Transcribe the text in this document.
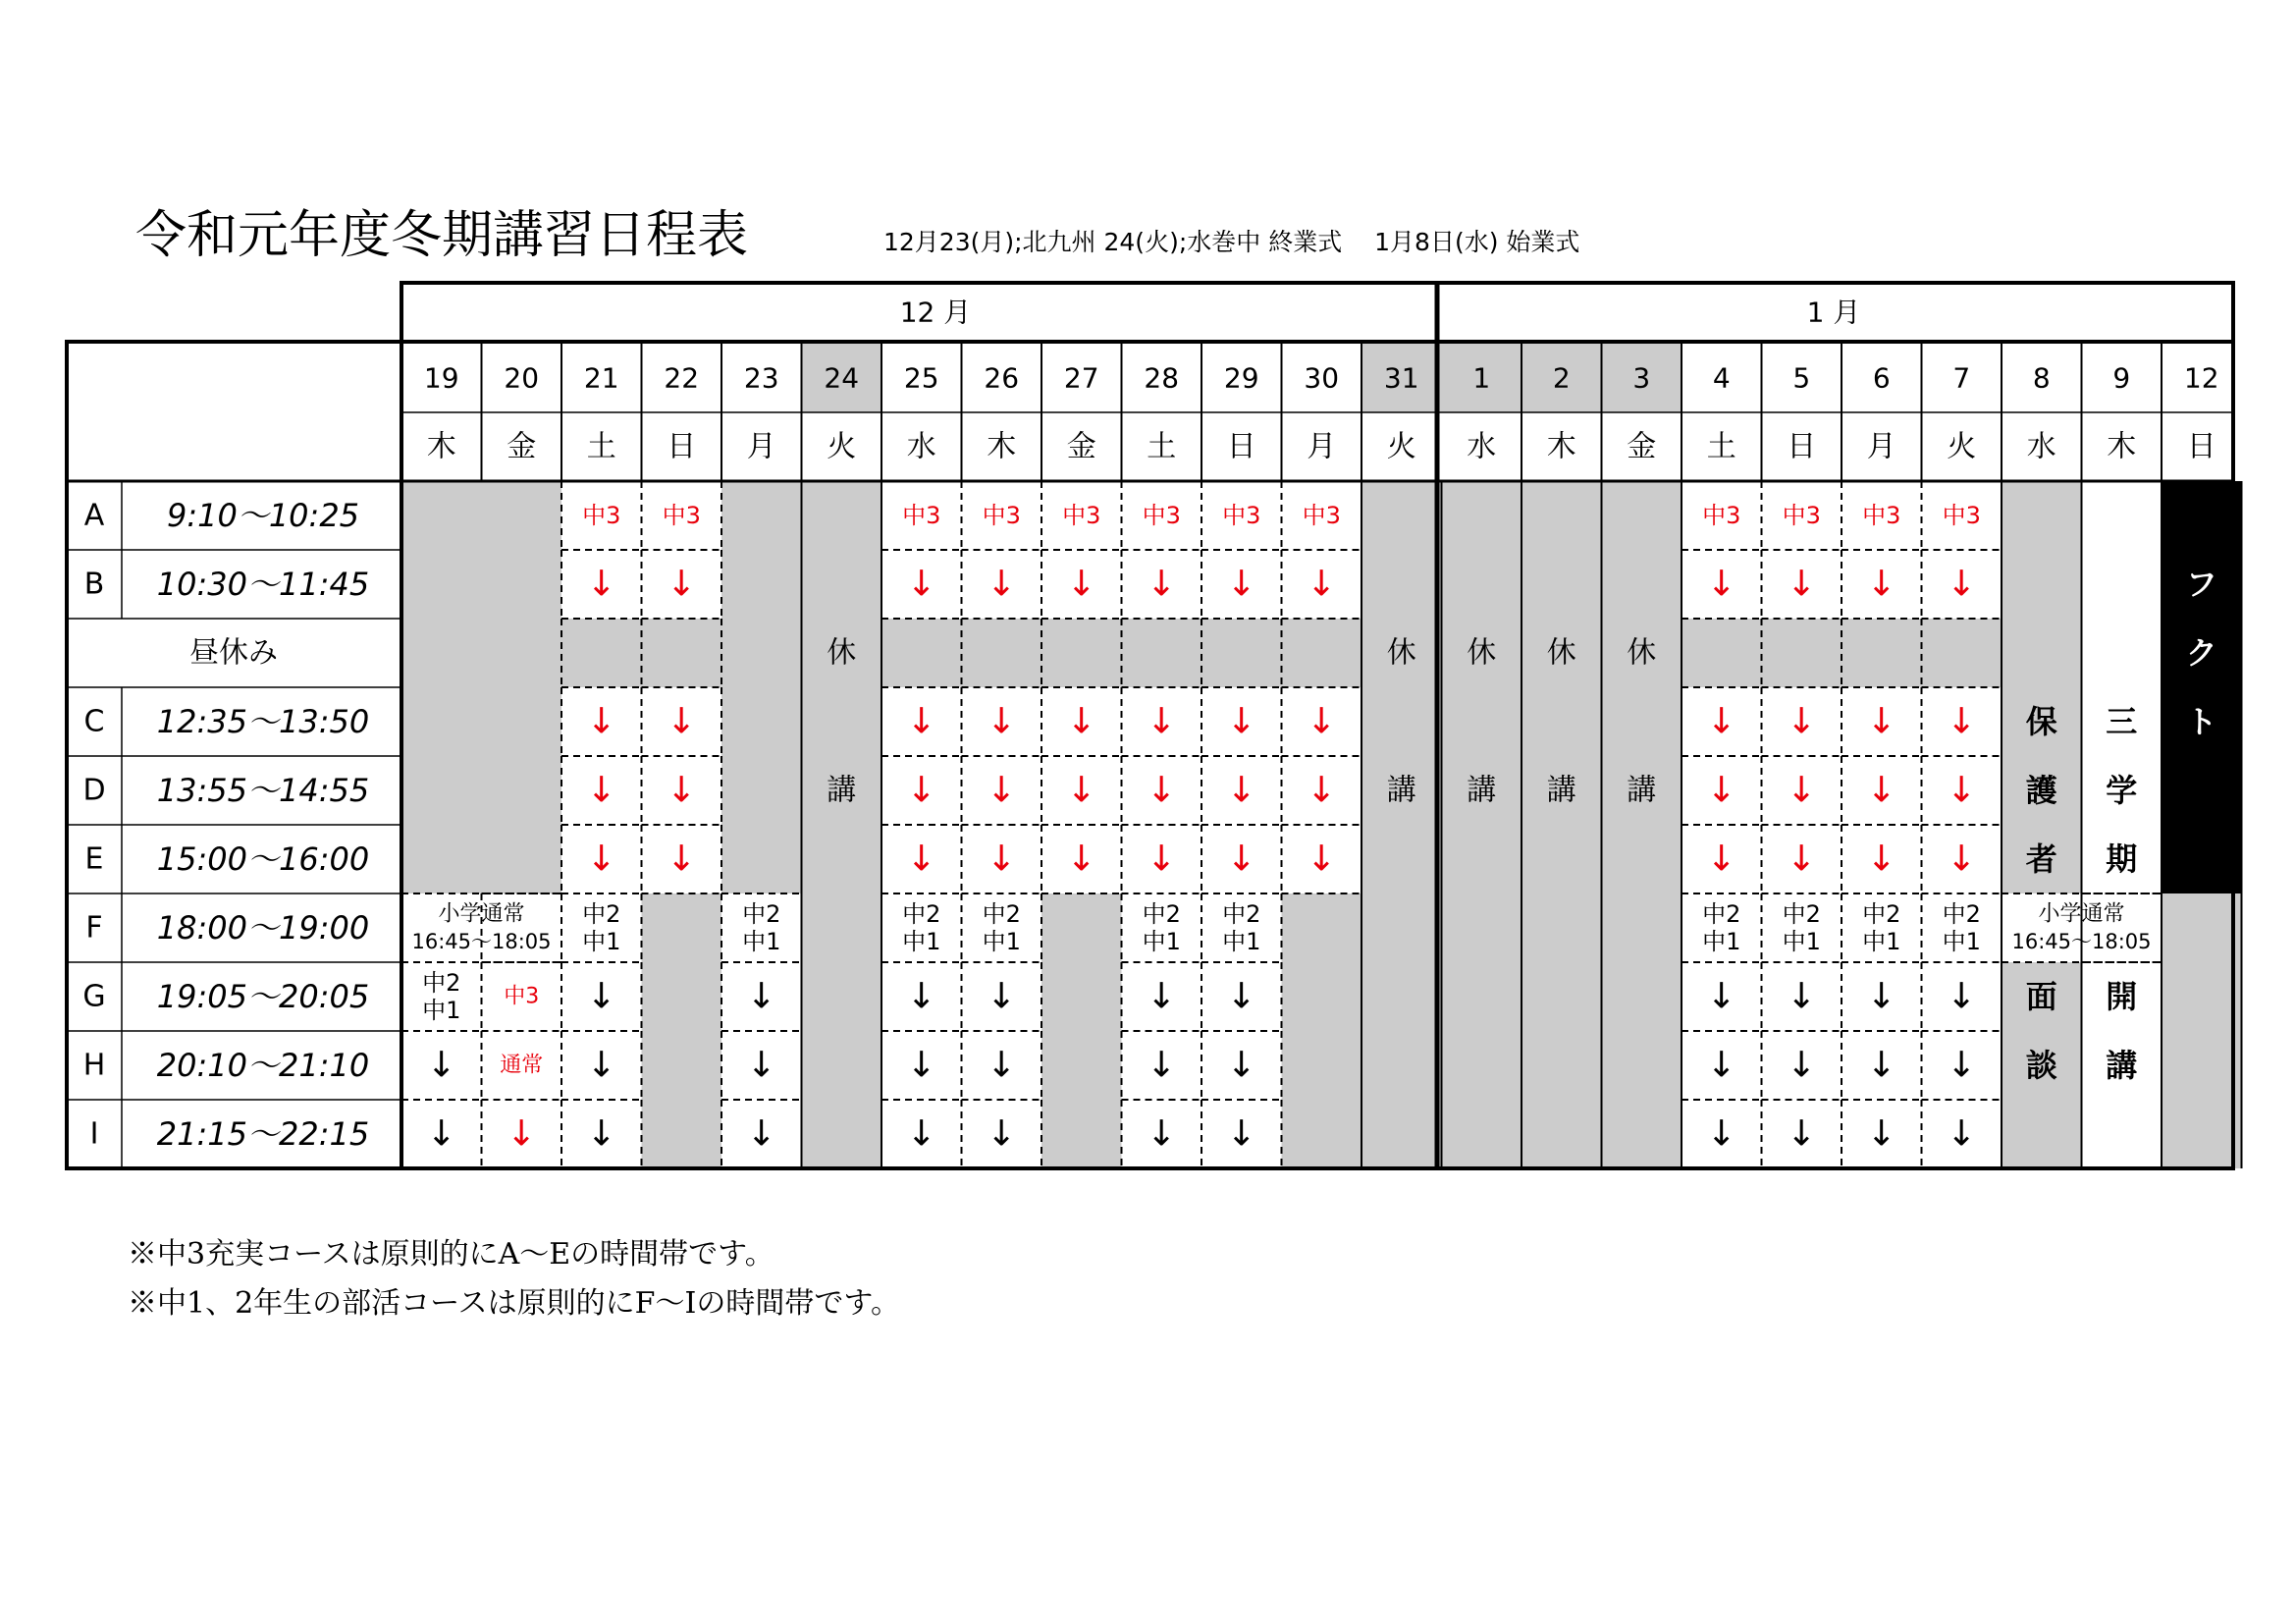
令和元年度冬期講習日程表	12月23(月);北九州 24(火);水巻中 終業式 　1月8日(水) 始業式
12 月	1 月
19
木
20
金
21
土
22
日
23
月
24
火
25
水
26
木
27
金
28
土
29
日
30
月
31
火
1
水
2
木
3
金
4
土
5
日
6
月
7
火
8
水
9
木
12
日
A 9:10～10:25
B 10:30～11:45
昼休み
C 12:35～13:50
D 13:55～14:55
E 15:00～16:00
F 18:00～19:00
G 19:05～20:05
H 20:10～21:10
I 21:15～22:15
中3
↓
↓
↓
↓
中3
↓
↓
↓
↓
中3
↓
↓
↓
↓
中3
↓
↓
↓
↓
中3
↓
↓
↓
↓
中3
↓
↓
↓
↓
中3
↓
↓
↓
↓
中3
↓
↓
↓
↓
中3
↓
↓
↓
↓
中3
↓
↓
↓
↓
中3
↓
↓
↓
↓
中3
↓
↓
↓
↓
中2
中1
↓
↓
↓
中2
中1
↓
↓
↓
中2
中1
↓
↓
↓
中2
中1
↓
↓
↓
中2
中1
↓
↓
↓
中2
中1
↓
↓
↓
中2
中1
↓
↓
↓
中2
中1
↓
↓
↓
中2
中1
↓
↓
↓
中2
中1
↓
↓
↓
小学通常
16:45～18:05
小学通常
16:45～18:05
中2
中1
↓
↓
中3
通常
↓
休
講
休
講
休
講
休
講
休
講
保
護
者
面
談
三
学
期
開
講
フ
ク
ト
※中3充実コースは原則的にA～Eの時間帯です。
※中1、2年生の部活コースは原則的にF～Iの時間帯です。
